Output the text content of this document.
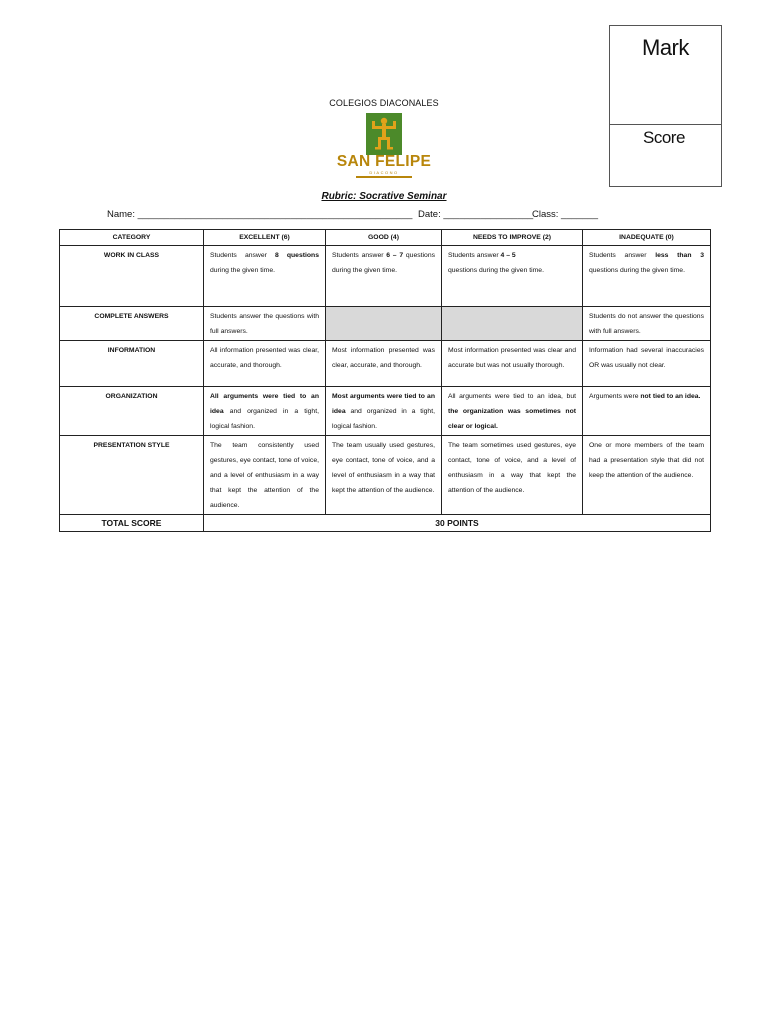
Mark
Score
COLEGIOS DIACONALES
SAN FELIPE
DIACONO
Rubric: Socrative Seminar
Name: ____________________________________________________ Date: _________________
Class: _______
CATEGORY	EXCELLENT (6)	GOOD (4)	NEEDS TO IMPROVE (2)	INADEQUATE (0)
WORK IN CLASS	Students answer 8 questions during the given time.	Students answer 6 – 7 questions during the given time.	Students answer 4 – 5
questions during the given time.	Students answer less than 3 questions during the given time.
COMPLETE ANSWERS	Students answer the questions with full answers.			Students do not answer the questions with full answers.
INFORMATION	All information presented was clear, accurate, and thorough.	Most information presented was clear, accurate, and thorough.	Most information presented was clear and accurate but was not usually thorough.	Information had several inaccuracies OR was usually not clear.
ORGANIZATION	All arguments were tied to an idea and organized in a tight, logical fashion.	Most arguments were tied to an idea and organized in a tight, logical fashion.	All arguments were tied to an idea, but the organization was sometimes not clear or logical.	Arguments were not tied to an idea.
PRESENTATION STYLE	The team consistently used gestures, eye contact, tone of voice, and a level of enthusiasm in a way that kept the attention of the audience.	The team usually used gestures, eye contact, tone of voice, and a level of enthusiasm in a way that kept the attention of the audience.	The team sometimes used gestures, eye contact, tone of voice, and a level of enthusiasm in a way that kept the attention of the audience.	One or more members of the team had a presentation style that did not keep the attention of the audience.
TOTAL SCORE	30 POINTS			
